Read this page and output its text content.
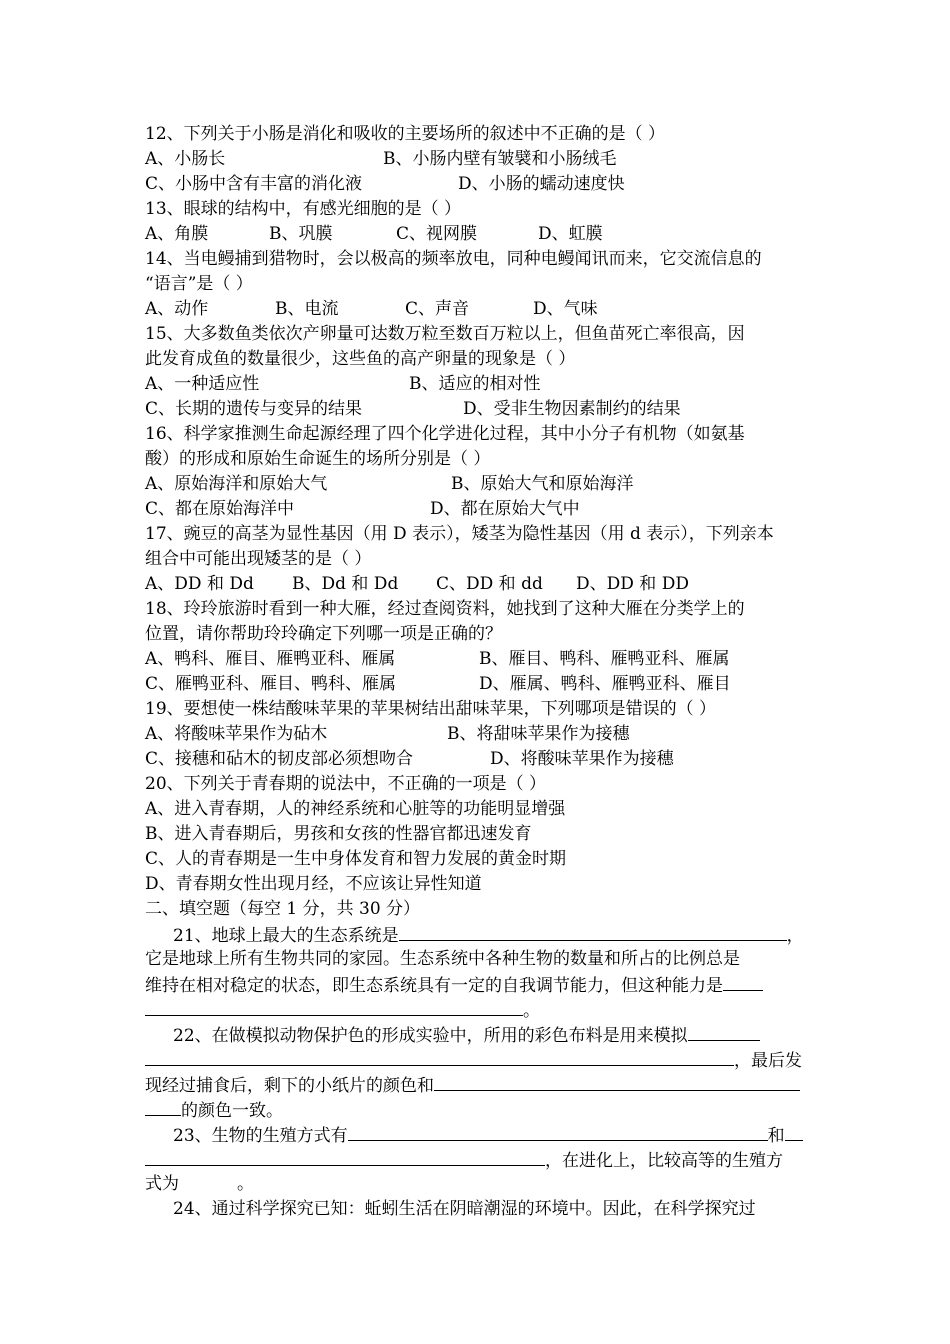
12、下列关于小肠是消化和吸收的主要场所的叙述中不正确的是（ ）
A、小肠长	B、小肠内壁有皱襞和小肠绒毛
C、小肠中含有丰富的消化液	D、小肠的蠕动速度快
13、眼球的结构中，有感光细胞的是（ ）
A、角膜	B、巩膜	C、视网膜	D、虹膜
14、当电鳗捕到猎物时，会以极高的频率放电，同种电鳗闻讯而来，它交流信息的
“语言”是（ ）
A、动作	B、电流	C、声音	D、气味
15、大多数鱼类依次产卵量可达数万粒至数百万粒以上，但鱼苗死亡率很高，因
此发育成鱼的数量很少，这些鱼的高产卵量的现象是（ ）
A、一种适应性	B、适应的相对性
C、长期的遗传与变异的结果	D、受非生物因素制约的结果
16、科学家推测生命起源经理了四个化学进化过程，其中小分子有机物（如氨基
酸）的形成和原始生命诞生的场所分别是（ ）
A、原始海洋和原始大气	B、原始大气和原始海洋
C、都在原始海洋中	D、都在原始大气中
17、豌豆的高茎为显性基因（用 D 表示），矮茎为隐性基因（用 d 表示），下列亲本
组合中可能出现矮茎的是（ ）
A、DD 和 Dd B、Dd 和 Dd C、DD 和 dd D、DD 和 DD
18、玲玲旅游时看到一种大雁，经过查阅资料，她找到了这种大雁在分类学上的
位置，请你帮助玲玲确定下列哪一项是正确的？
A、鸭科、雁目、雁鸭亚科、雁属	B、雁目、鸭科、雁鸭亚科、雁属
C、雁鸭亚科、雁目、鸭科、雁属	D、雁属、鸭科、雁鸭亚科、雁目
19、要想使一株结酸味苹果的苹果树结出甜味苹果，下列哪项是错误的（ ）
A、将酸味苹果作为砧木	B、将甜味苹果作为接穗
C、接穗和砧木的韧皮部必须想吻合	D、将酸味苹果作为接穗
20、下列关于青春期的说法中，不正确的一项是（ ）
A、进入青春期，人的神经系统和心脏等的功能明显增强
B、进入青春期后，男孩和女孩的性器官都迅速发育
C、人的青春期是一生中身体发育和智力发展的黄金时期
D、青春期女性出现月经，不应该让异性知道
二、填空题（每空 1 分，共 30 分）
21、地球上最大的生态系统是	，
它是地球上所有生物共同的家园。生态系统中各种生物的数量和所占的比例总是
维持在相对稳定的状态，即生态系统具有一定的自我调节能力，但这种能力是
。
22、在做模拟动物保护色的形成实验中，所用的彩色布料是用来模拟
，最后发
现经过捕食后，剩下的小纸片的颜色和
的颜色一致。
23、生物的生殖方式有	和
，在进化上，比较高等的生殖方
式为	。
24、通过科学探究已知：蚯蚓生活在阴暗潮湿的环境中。因此，在科学探究过
